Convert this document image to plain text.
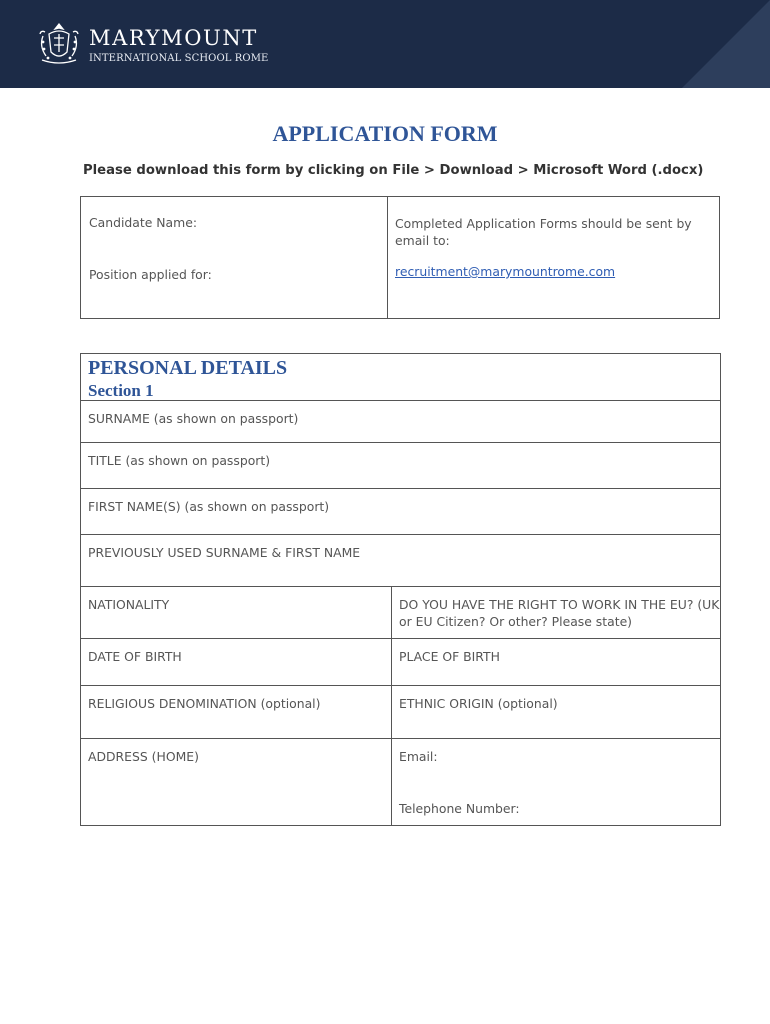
MARYMOUNT
INTERNATIONAL SCHOOL ROME
APPLICATION FORM
Please download this form by clicking on File > Download > Microsoft Word (.docx)
Candidate Name:
Position applied for:

Completed Application Forms should be sent by email to:
recruitment@marymountrome.com
PERSONAL DETAILS
Section 1	

SURNAME (as shown on passport)	

TITLE (as shown on passport)	

FIRST NAME(S) (as shown on passport)	

PREVIOUSLY USED SURNAME & FIRST NAME	

NATIONALITY	DO YOU HAVE THE RIGHT TO WORK IN THE EU? (UK or EU Citizen? Or other? Please state)

DATE OF BIRTH	PLACE OF BIRTH

RELIGIOUS DENOMINATION (optional)	ETHNIC ORIGIN (optional)

ADDRESS (HOME)	Email:
Telephone Number:
